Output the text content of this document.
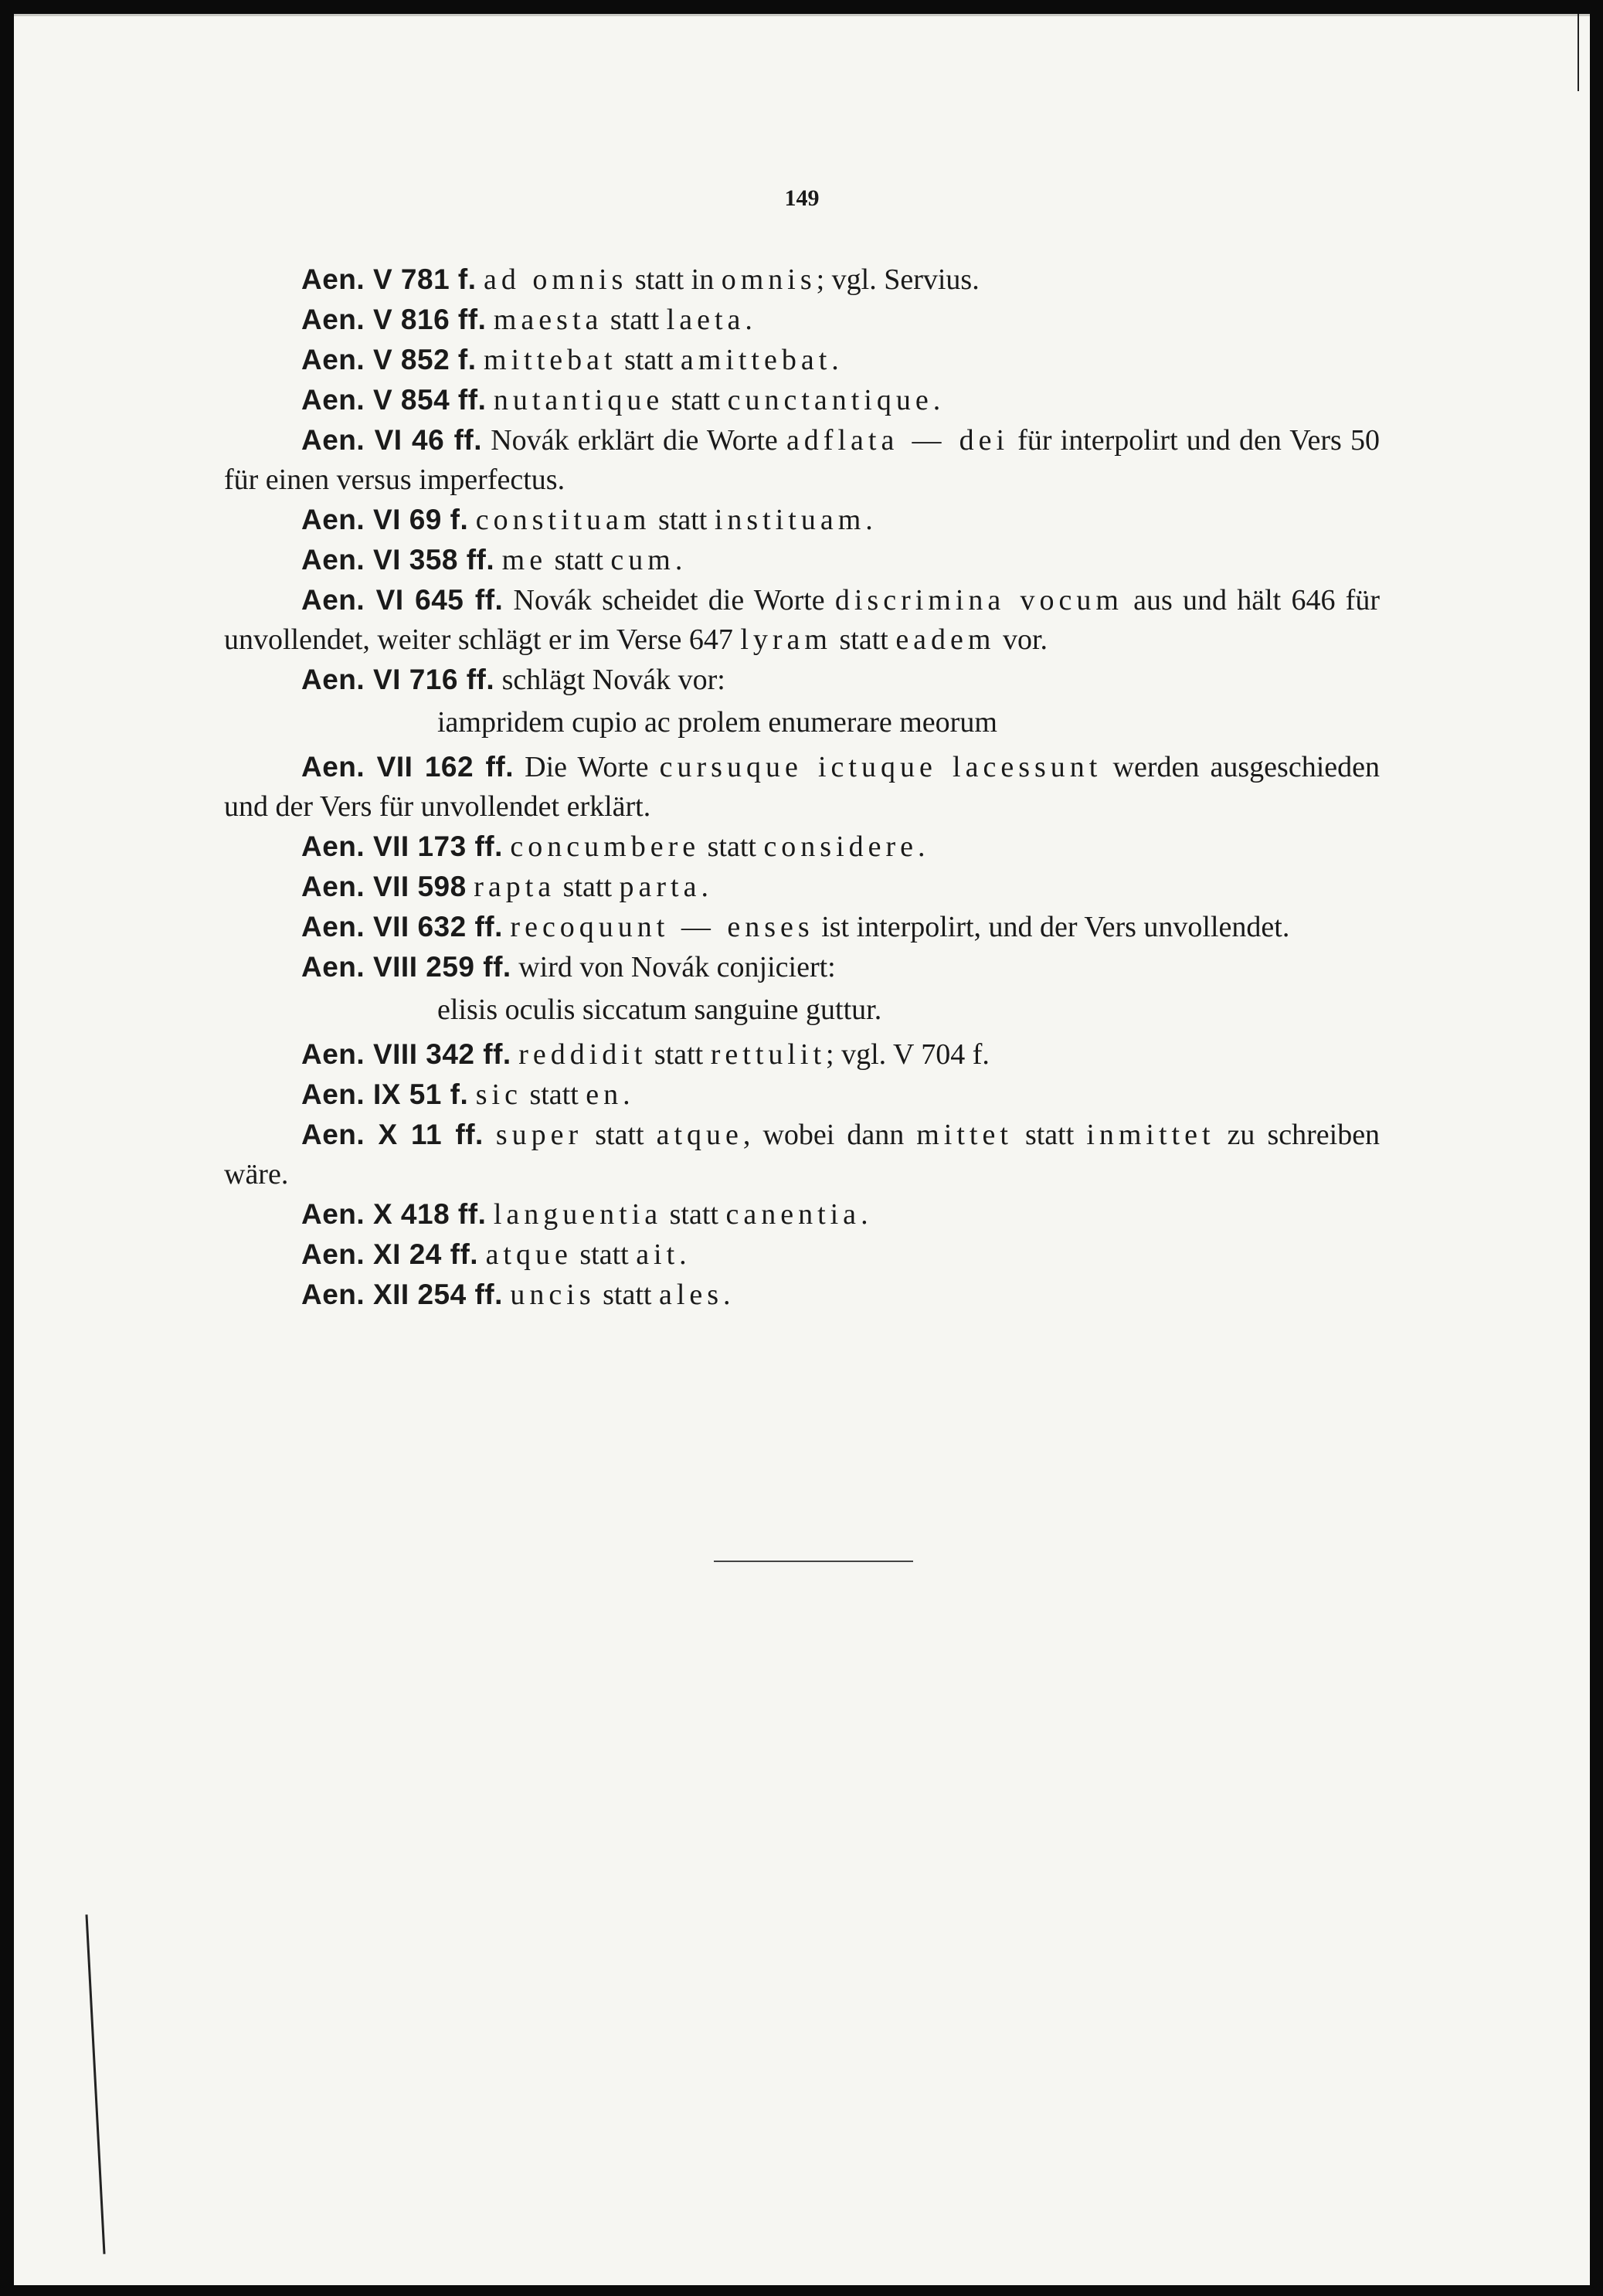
149

Aen. V 781 f. ad omnis statt in omnis; vgl. Servius.

Aen. V 816 ff. maesta statt laeta.

Aen. V 852 f. mittebat statt amittebat.

Aen. V 854 ff. nutantique statt cunctantique.

Aen. VI 46 ff. Novák erklärt die Worte adflata — dei für interpolirt und den Vers 50 für einen versus imperfectus.

Aen. VI 69 f. constituam statt instituam.

Aen. VI 358 ff. me statt cum.

Aen. VI 645 ff. Novák scheidet die Worte discrimina vocum aus und hält 646 für unvollendet, weiter schlägt er im Verse 647 lyram statt eadem vor.

Aen. VI 716 ff. schlägt Novák vor:

iampridem cupio ac prolem enumerare meorum

Aen. VII 162 ff. Die Worte cursuque ictuque lacessunt werden ausgeschieden und der Vers für unvollendet erklärt.

Aen. VII 173 ff. concumbere statt considere.

Aen. VII 598 rapta statt parta.

Aen. VII 632 ff. recoquunt — enses ist interpolirt, und der Vers unvollendet.

Aen. VIII 259 ff. wird von Novák conjiciert:

elisis oculis siccatum sanguine guttur.

Aen. VIII 342 ff. reddidit statt rettulit; vgl. V 704 f.

Aen. IX 51 f. sic statt en.

Aen. X 11 ff. super statt atque, wobei dann mittet statt inmittet zu schreiben wäre.

Aen. X 418 ff. languentia statt canentia.

Aen. XI 24 ff. atque statt ait.

Aen. XII 254 ff. uncis statt ales.
